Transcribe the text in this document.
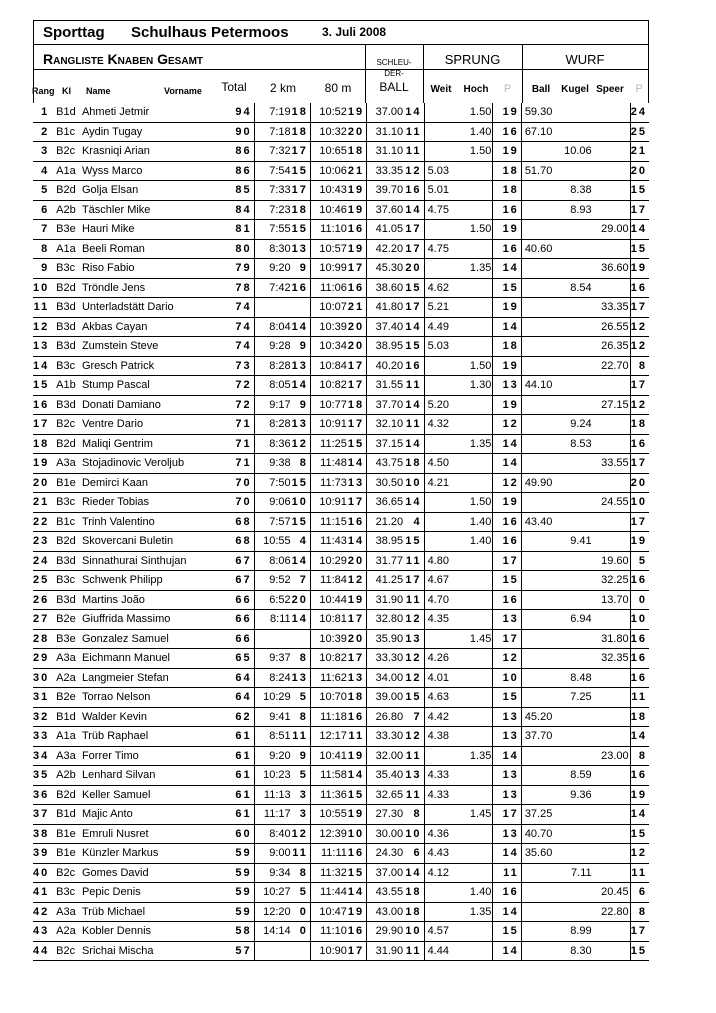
Sporttag Schulhaus Petermoos	3. Juli 2008
Rangliste Knaben Gesamt	SCHLEU-
DER-
BALL
SPRUNG	WURF
Rang Kl Name	Vorname	Total	2 km	80 m	Weit	Hoch	P	Ball	Kugel Speer	P
1		B1d	Ahmeti Jetmir	94	7:19	18	10:52	19	37.00	14		1.50	19	59.30			24
2		B1c	Aydin Tugay	90	7:18	18	10:32	20	31.10	11		1.40	16	67.10			25
3		B2c	Krasniqi Arian	86	7:32	17	10:65	18	31.10	11		1.50	19		10.06		21
4		A1a	Wyss Marco	86	7:54	15	10:06	21	33.35	12	5.03		18	51.70			20
5		B2d	Golja Elsan	85	7:33	17	10:43	19	39.70	16	5.01		18		8.38		15
6		A2b	Täschler Mike	84	7:23	18	10:46	19	37.60	14	4.75		16		8.93		17
7		B3e	Hauri Mike	81	7:55	15	11:10	16	41.05	17		1.50	19			29.00	14
8		A1a	Beeli Roman	80	8:30	13	10:57	19	42.20	17	4.75		16	40.60			15
9		B3c	Riso Fabio	79	9:20	9	10:99	17	45.30	20		1.35	14			36.60	19
10		B2d	Tröndle Jens	78	7:42	16	11:06	16	38.60	15	4.62		15		8.54		16
11		B3d	Unterladstätt Dario	74			10:07	21	41.80	17	5.21		19			33.35	17
12		B3d	Akbas Cayan	74	8:04	14	10:39	20	37.40	14	4.49		14			26.55	12
13		B3d	Zumstein Steve	74	9:28	9	10:34	20	38.95	15	5.03		18			26.35	12
14		B3c	Gresch Patrick	73	8:28	13	10:84	17	40.20	16		1.50	19			22.70	8
15		A1b	Stump Pascal	72	8:05	14	10:82	17	31.55	11		1.30	13	44.10			17
16		B3d	Donati Damiano	72	9:17	9	10:77	18	37.70	14	5.20		19			27.15	12
17		B2c	Ventre Dario	71	8:28	13	10:91	17	32.10	11	4.32		12		9.24		18
18		B2d	Maliqi Gentrim	71	8:36	12	11:25	15	37.15	14		1.35	14		8.53		16
19		A3a	Stojadinovic Veroljub	71	9:38	8	11:48	14	43.75	18	4.50		14			33.55	17
20		B1e	Demirci Kaan	70	7:50	15	11:73	13	30.50	10	4.21		12	49.90			20
21		B3c	Rieder Tobias	70	9:06	10	10:91	17	36.65	14		1.50	19			24.55	10
22		B1c	Trinh Valentino	68	7:57	15	11:15	16	21.20	4		1.40	16	43.40			17
23		B2d	Skovercani Buletin	68	10:55	4	11:43	14	38.95	15		1.40	16		9.41		19
24		B3d	Sinnathurai Sinthujan	67	8:06	14	10:29	20	31.77	11	4.80		17			19.60	5
25		B3c	Schwenk Philipp	67	9:52	7	11:84	12	41.25	17	4.67		15			32.25	16
26		B3d	Martins João	66	6:52	20	10:44	19	31.90	11	4.70		16			13.70	0
27		B2e	Giuffrida Massimo	66	8:11	14	10:81	17	32.80	12	4.35		13		6.94		10
28		B3e	Gonzalez Samuel	66			10:39	20	35.90	13		1.45	17			31.80	16
29		A3a	Eichmann Manuel	65	9:37	8	10:82	17	33.30	12	4.26		12			32.35	16
30		A2a	Langmeier Stefan	64	8:24	13	11:62	13	34.00	12	4.01		10		8.48		16
31		B2e	Torrao Nelson	64	10:29	5	10:70	18	39.00	15	4.63		15		7.25		11
32		B1d	Walder Kevin	62	9:41	8	11:18	16	26.80	7	4.42		13	45.20			18
33		A1a	Trüb Raphael	61	8:51	11	12:17	11	33.30	12	4.38		13	37.70			14
34		A3a	Forrer Timo	61	9:20	9	10:41	19	32.00	11		1.35	14			23.00	8
35		A2b	Lenhard Silvan	61	10:23	5	11:58	14	35.40	13	4.33		13		8.59		16
36		B2d	Keller Samuel	61	11:13	3	11:36	15	32.65	11	4.33		13		9.36		19
37		B1d	Majic Anto	61	11:17	3	10:55	19	27.30	8		1.45	17	37.25			14
38		B1e	Emruli Nusret	60	8:40	12	12:39	10	30.00	10	4.36		13	40.70			15
39		B1e	Künzler Markus	59	9:00	11	11:11	16	24.30	6	4.43		14	35.60			12
40		B2c	Gomes David	59	9:34	8	11:32	15	37.00	14	4.12		11		7.11		11
41		B3c	Pepic Denis	59	10:27	5	11:44	14	43.55	18		1.40	16			20.45	6
42		A3a	Trüb Michael	59	12:20	0	10:47	19	43.00	18		1.35	14			22.80	8
43		A2a	Kobler Dennis	58	14:14	0	11:10	16	29.90	10	4.57		15		8.99		17
44		B2c	Srichai Mischa	57			10:90	17	31.90	11	4.44		14		8.30		15
